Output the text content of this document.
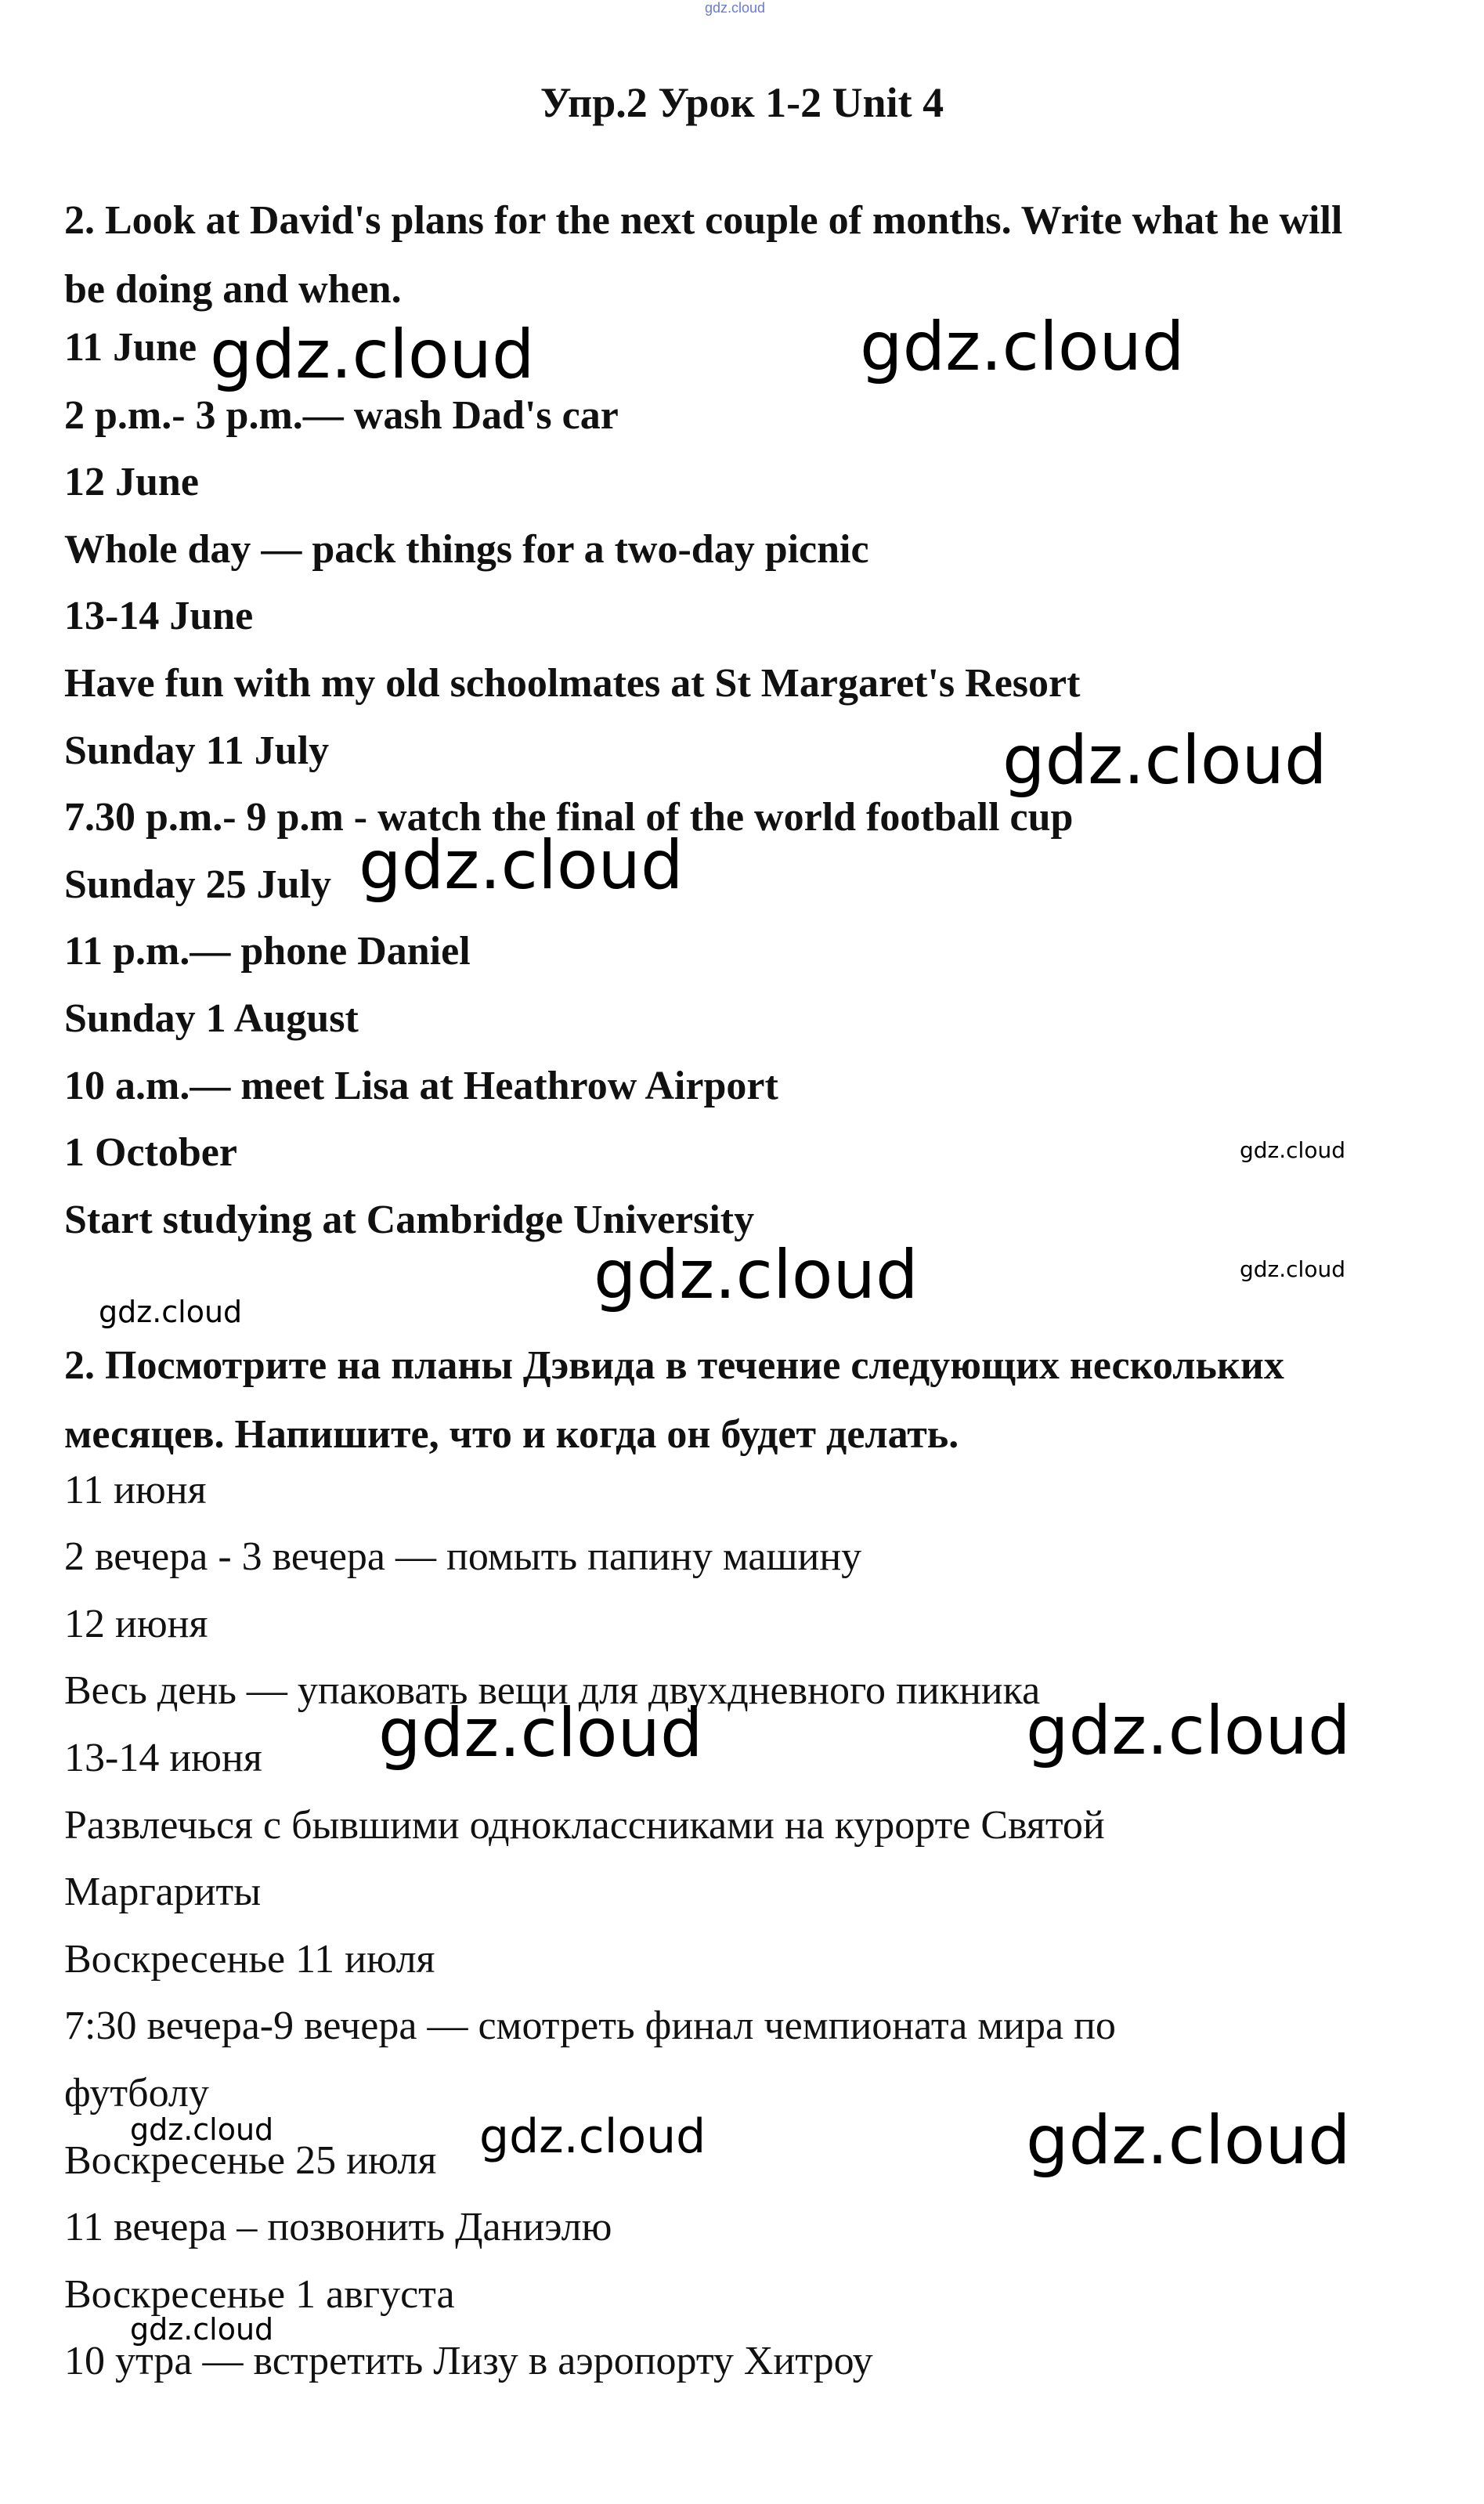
gdz.cloud
Упр.2 Урок 1-2 Unit 4
2. Look at David's plans for the next couple of months. Write what he will be doing and when.
11 June
2 p.m.- 3 p.m.— wash Dad's car
12 June
Whole day — pack things for a two-day picnic
13-14 June
Have fun with my old schoolmates at St Margaret's Resort
Sunday 11 July
7.30 p.m.- 9 p.m - watch the final of the world football cup
Sunday 25 July
11 p.m.— phone Daniel
Sunday 1 August
10 a.m.— meet Lisa at Heathrow Airport
1 October
Start studying at Cambridge University
2. Посмотрите на планы Дэвида в течение следующих нескольких месяцев. Напишите, что и когда он будет делать.
11 июня
2 вечера - 3 вечера — помыть папину машину
12 июня
Весь день — упаковать вещи для двухдневного пикника
13-14 июня
Развлечься с бывшими одноклассниками на курорте Святой
Маргариты
Воскресенье 11 июля
7:30 вечера-9 вечера — смотреть финал чемпионата мира по
футболу
Воскресенье 25 июля
11 вечера – позвонить Даниэлю
Воскресенье 1 августа
10 утра — встретить Лизу в аэропорту Хитроу
gdz.cloud	gdz.cloud
gdz.cloud
gdz.cloud
gdz.cloud
gdz.cloud
gdz.cloud
gdz.cloud
gdz.cloud	gdz.cloud
gdz.cloud	gdz.cloud	gdz.cloud
gdz.cloud
